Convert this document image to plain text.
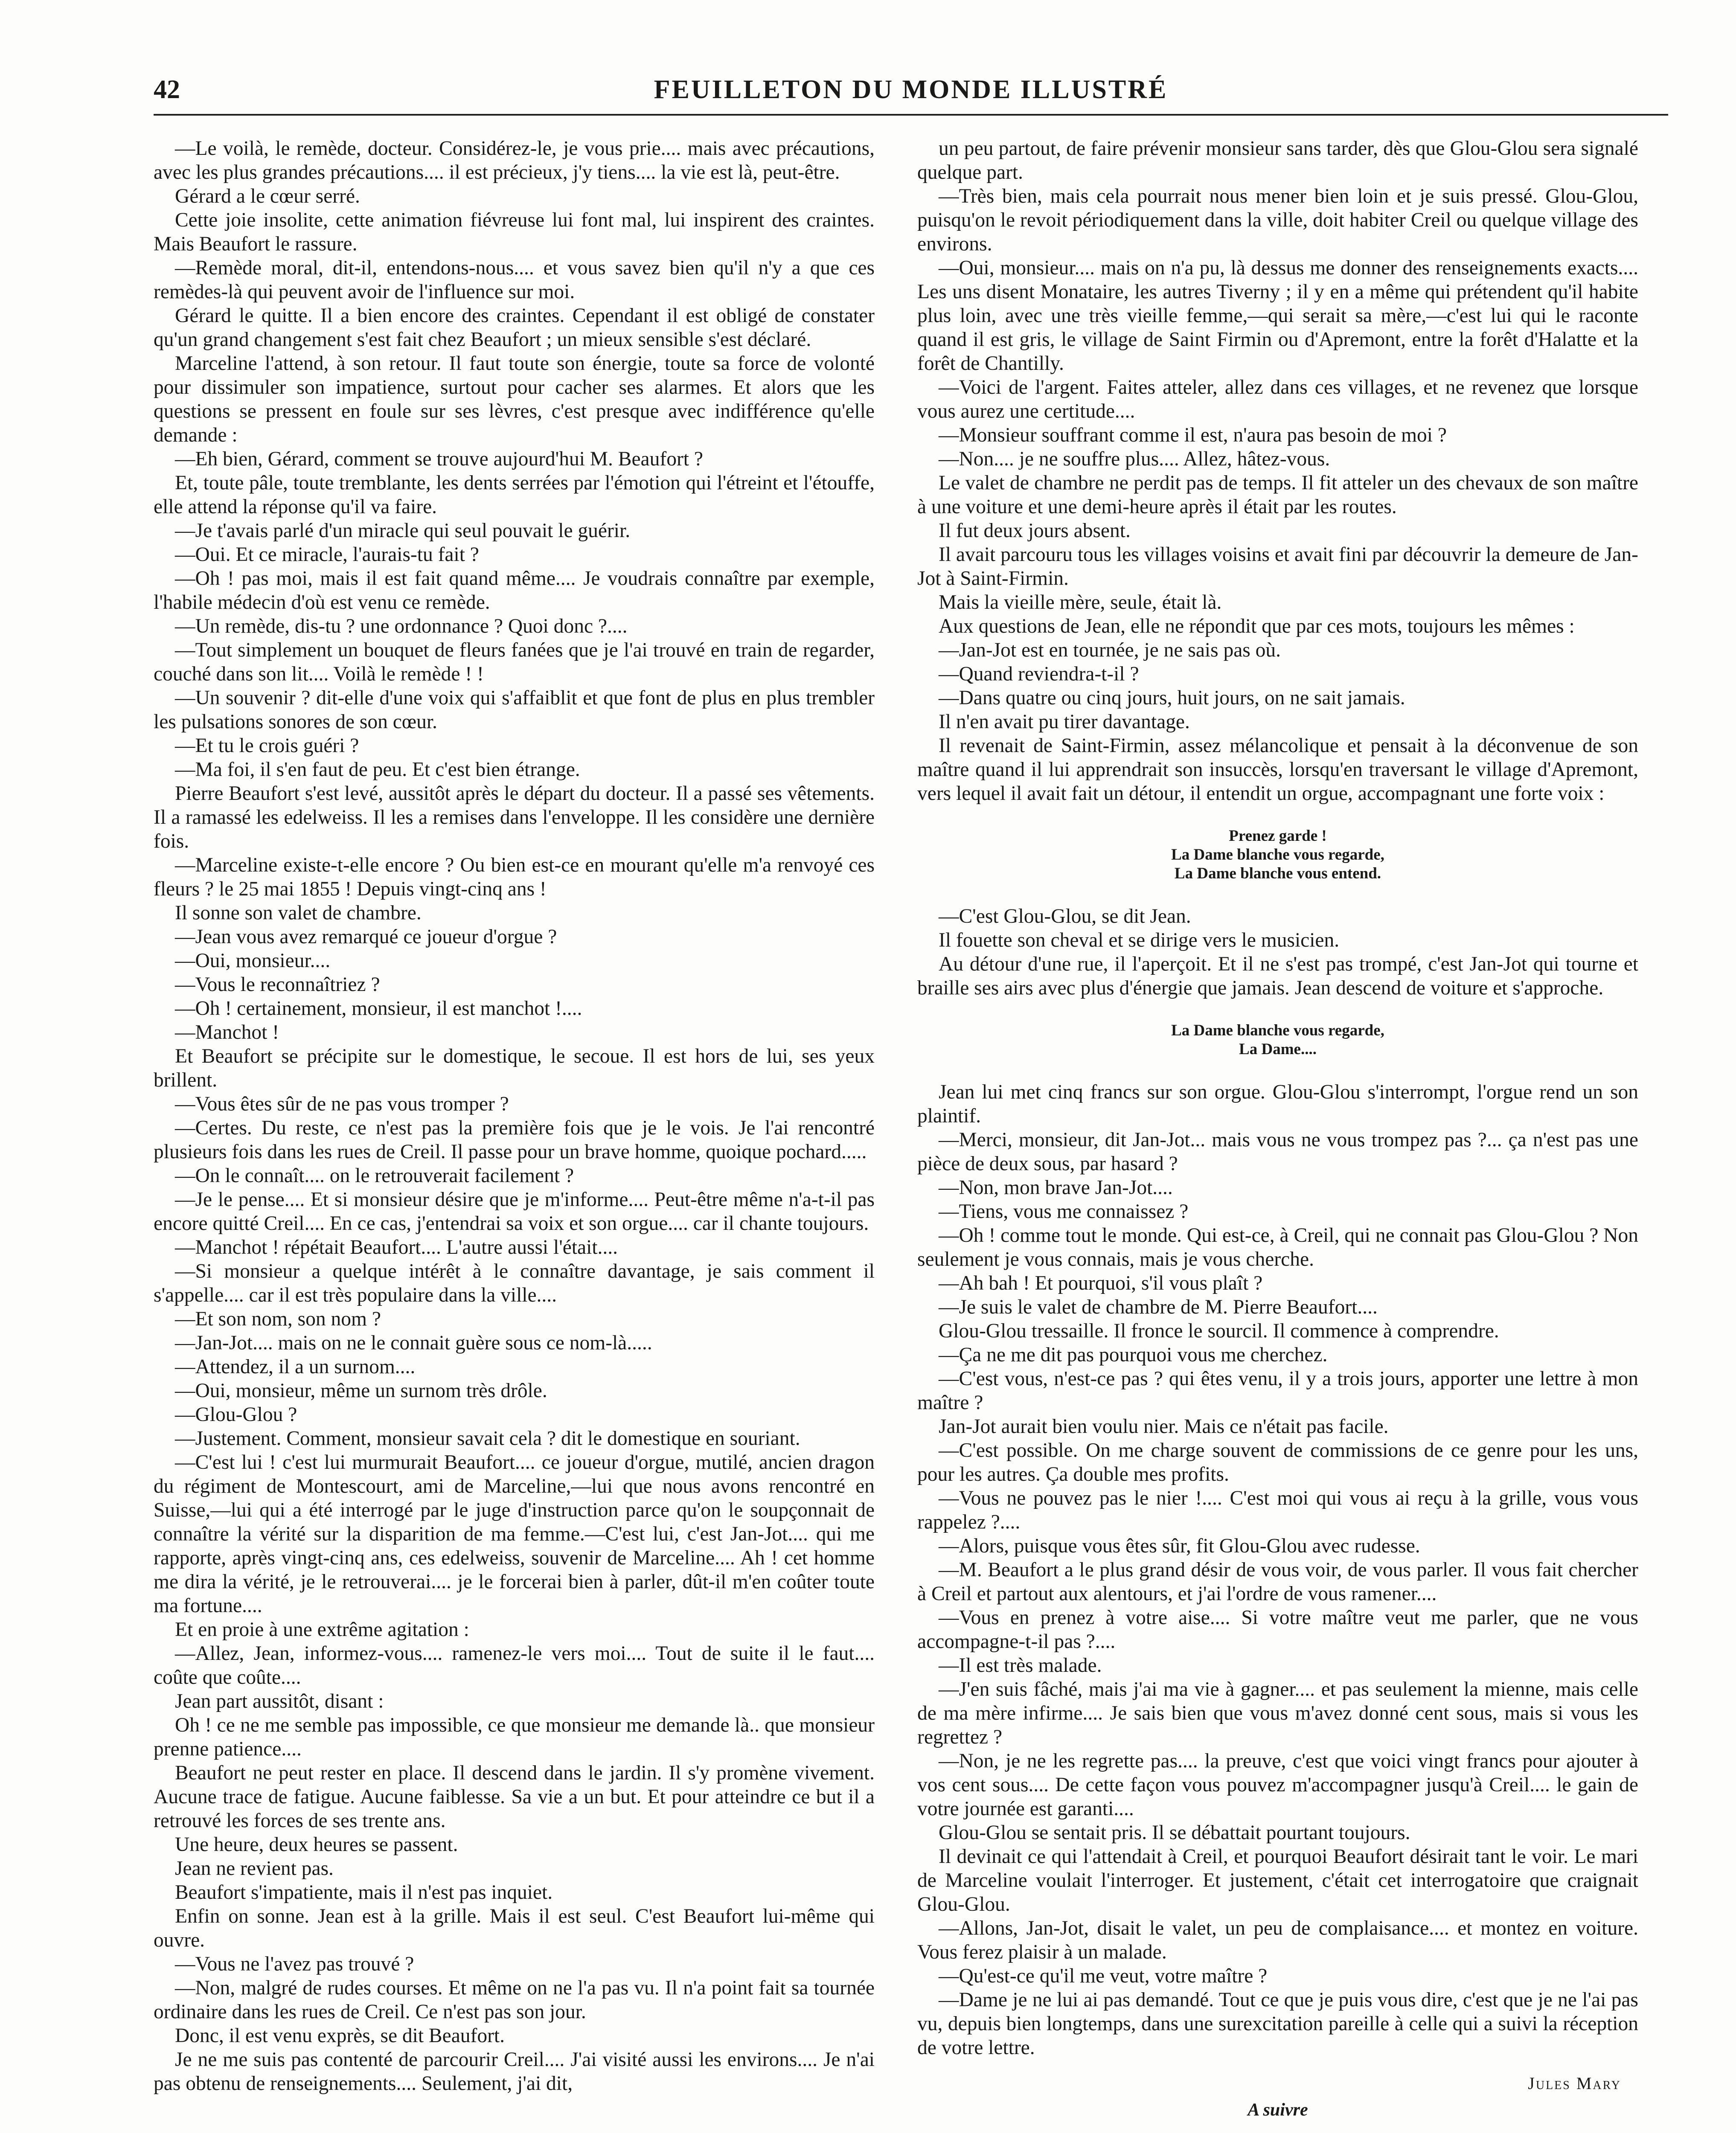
42	FEUILLETON DU MONDE ILLUSTRÉ

—Le voilà, le remède, docteur. Considérez-le, je vous prie.... mais avec précautions, avec les plus grandes précautions.... il est précieux, j'y tiens.... la vie est là, peut-être.

Gérard a le cœur serré.

Cette joie insolite, cette animation fiévreuse lui font mal, lui inspirent des craintes. Mais Beaufort le rassure.

—Remède moral, dit-il, entendons-nous.... et vous savez bien qu'il n'y a que ces remèdes-là qui peuvent avoir de l'influence sur moi.

Gérard le quitte. Il a bien encore des craintes. Cependant il est obligé de constater qu'un grand changement s'est fait chez Beaufort ; un mieux sensible s'est déclaré.

Marceline l'attend, à son retour. Il faut toute son énergie, toute sa force de volonté pour dissimuler son impatience, surtout pour cacher ses alarmes. Et alors que les questions se pressent en foule sur ses lèvres, c'est presque avec indifférence qu'elle demande :

—Eh bien, Gérard, comment se trouve aujourd'hui M. Beaufort ?

Et, toute pâle, toute tremblante, les dents serrées par l'émotion qui l'étreint et l'étouffe, elle attend la réponse qu'il va faire.

—Je t'avais parlé d'un miracle qui seul pouvait le guérir.

—Oui. Et ce miracle, l'aurais-tu fait ?

—Oh ! pas moi, mais il est fait quand même.... Je voudrais connaître par exemple, l'habile médecin d'où est venu ce remède.

—Un remède, dis-tu ? une ordonnance ? Quoi donc ?....

—Tout simplement un bouquet de fleurs fanées que je l'ai trouvé en train de regarder, couché dans son lit.... Voilà le remède ! !

—Un souvenir ? dit-elle d'une voix qui s'affaiblit et que font de plus en plus trembler les pulsations sonores de son cœur.

—Et tu le crois guéri ?

—Ma foi, il s'en faut de peu. Et c'est bien étrange.

Pierre Beaufort s'est levé, aussitôt après le départ du docteur. Il a passé ses vêtements. Il a ramassé les edelweiss. Il les a remises dans l'enveloppe. Il les considère une dernière fois.

—Marceline existe-t-elle encore ? Ou bien est-ce en mourant qu'elle m'a renvoyé ces fleurs ? le 25 mai 1855 ! Depuis vingt-cinq ans !

Il sonne son valet de chambre.

—Jean vous avez remarqué ce joueur d'orgue ?

—Oui, monsieur....

—Vous le reconnaîtriez ?

—Oh ! certainement, monsieur, il est manchot !....

—Manchot !

Et Beaufort se précipite sur le domestique, le secoue. Il est hors de lui, ses yeux brillent.

—Vous êtes sûr de ne pas vous tromper ?

—Certes. Du reste, ce n'est pas la première fois que je le vois. Je l'ai rencontré plusieurs fois dans les rues de Creil. Il passe pour un brave homme, quoique pochard.....

—On le connaît.... on le retrouverait facilement ?

—Je le pense.... Et si monsieur désire que je m'informe.... Peut-être même n'a-t-il pas encore quitté Creil.... En ce cas, j'entendrai sa voix et son orgue.... car il chante toujours.

—Manchot ! répétait Beaufort.... L'autre aussi l'était....

—Si monsieur a quelque intérêt à le connaître davantage, je sais comment il s'appelle.... car il est très populaire dans la ville....

—Et son nom, son nom ?

—Jan-Jot.... mais on ne le connait guère sous ce nom-là.....

—Attendez, il a un surnom....

—Oui, monsieur, même un surnom très drôle.

—Glou-Glou ?

—Justement. Comment, monsieur savait cela ? dit le domestique en souriant.

—C'est lui ! c'est lui murmurait Beaufort.... ce joueur d'orgue, mutilé, ancien dragon du régiment de Montescourt, ami de Marceline,—lui que nous avons rencontré en Suisse,—lui qui a été interrogé par le juge d'instruction parce qu'on le soupçonnait de connaître la vérité sur la disparition de ma femme.—C'est lui, c'est Jan-Jot.... qui me rapporte, après vingt-cinq ans, ces edelweiss, souvenir de Marceline.... Ah ! cet homme me dira la vérité, je le retrouverai.... je le forcerai bien à parler, dût-il m'en coûter toute ma fortune....

Et en proie à une extrême agitation :

—Allez, Jean, informez-vous.... ramenez-le vers moi.... Tout de suite il le faut.... coûte que coûte....

Jean part aussitôt, disant :

Oh ! ce ne me semble pas impossible, ce que monsieur me demande là.. que monsieur prenne patience....

Beaufort ne peut rester en place. Il descend dans le jardin. Il s'y promène vivement. Aucune trace de fatigue. Aucune faiblesse. Sa vie a un but. Et pour atteindre ce but il a retrouvé les forces de ses trente ans.

Une heure, deux heures se passent.

Jean ne revient pas.

Beaufort s'impatiente, mais il n'est pas inquiet.

Enfin on sonne. Jean est à la grille. Mais il est seul. C'est Beaufort lui-même qui ouvre.

—Vous ne l'avez pas trouvé ?

—Non, malgré de rudes courses. Et même on ne l'a pas vu. Il n'a point fait sa tournée ordinaire dans les rues de Creil. Ce n'est pas son jour.

Donc, il est venu exprès, se dit Beaufort.

Je ne me suis pas contenté de parcourir Creil.... J'ai visité aussi les environs.... Je n'ai pas obtenu de renseignements.... Seulement, j'ai dit,

un peu partout, de faire prévenir monsieur sans tarder, dès que Glou-Glou sera signalé quelque part.

—Très bien, mais cela pourrait nous mener bien loin et je suis pressé. Glou-Glou, puisqu'on le revoit périodiquement dans la ville, doit habiter Creil ou quelque village des environs.

—Oui, monsieur.... mais on n'a pu, là dessus me donner des renseignements exacts.... Les uns disent Monataire, les autres Tiverny ; il y en a même qui prétendent qu'il habite plus loin, avec une très vieille femme,—qui serait sa mère,—c'est lui qui le raconte quand il est gris, le village de Saint Firmin ou d'Apremont, entre la forêt d'Halatte et la forêt de Chantilly.

—Voici de l'argent. Faites atteler, allez dans ces villages, et ne revenez que lorsque vous aurez une certitude....

—Monsieur souffrant comme il est, n'aura pas besoin de moi ?

—Non.... je ne souffre plus.... Allez, hâtez-vous.

Le valet de chambre ne perdit pas de temps. Il fit atteler un des chevaux de son maître à une voiture et une demi-heure après il était par les routes.

Il fut deux jours absent.

Il avait parcouru tous les villages voisins et avait fini par découvrir la demeure de Jan-Jot à Saint-Firmin.

Mais la vieille mère, seule, était là.

Aux questions de Jean, elle ne répondit que par ces mots, toujours les mêmes :

—Jan-Jot est en tournée, je ne sais pas où.

—Quand reviendra-t-il ?

—Dans quatre ou cinq jours, huit jours, on ne sait jamais.

Il n'en avait pu tirer davantage.

Il revenait de Saint-Firmin, assez mélancolique et pensait à la déconvenue de son maître quand il lui apprendrait son insuccès, lorsqu'en traversant le village d'Apremont, vers lequel il avait fait un détour, il entendit un orgue, accompagnant une forte voix :

Prenez garde !
La Dame blanche vous regarde,
La Dame blanche vous entend.

—C'est Glou-Glou, se dit Jean.

Il fouette son cheval et se dirige vers le musicien.

Au détour d'une rue, il l'aperçoit. Et il ne s'est pas trompé, c'est Jan-Jot qui tourne et braille ses airs avec plus d'énergie que jamais. Jean descend de voiture et s'approche.

La Dame blanche vous regarde,
La Dame....

Jean lui met cinq francs sur son orgue. Glou-Glou s'interrompt, l'orgue rend un son plaintif.

—Merci, monsieur, dit Jan-Jot... mais vous ne vous trompez pas ?... ça n'est pas une pièce de deux sous, par hasard ?

—Non, mon brave Jan-Jot....

—Tiens, vous me connaissez ?

—Oh ! comme tout le monde. Qui est-ce, à Creil, qui ne connait pas Glou-Glou ? Non seulement je vous connais, mais je vous cherche.

—Ah bah ! Et pourquoi, s'il vous plaît ?

—Je suis le valet de chambre de M. Pierre Beaufort....

Glou-Glou tressaille. Il fronce le sourcil. Il commence à comprendre.

—Ça ne me dit pas pourquoi vous me cherchez.

—C'est vous, n'est-ce pas ? qui êtes venu, il y a trois jours, apporter une lettre à mon maître ?

Jan-Jot aurait bien voulu nier. Mais ce n'était pas facile.

—C'est possible. On me charge souvent de commissions de ce genre pour les uns, pour les autres. Ça double mes profits.

—Vous ne pouvez pas le nier !.... C'est moi qui vous ai reçu à la grille, vous vous rappelez ?....

—Alors, puisque vous êtes sûr, fit Glou-Glou avec rudesse.

—M. Beaufort a le plus grand désir de vous voir, de vous parler. Il vous fait chercher à Creil et partout aux alentours, et j'ai l'ordre de vous ramener....

—Vous en prenez à votre aise.... Si votre maître veut me parler, que ne vous accompagne-t-il pas ?....

—Il est très malade.

—J'en suis fâché, mais j'ai ma vie à gagner.... et pas seulement la mienne, mais celle de ma mère infirme.... Je sais bien que vous m'avez donné cent sous, mais si vous les regrettez ?

—Non, je ne les regrette pas.... la preuve, c'est que voici vingt francs pour ajouter à vos cent sous.... De cette façon vous pouvez m'accompagner jusqu'à Creil.... le gain de votre journée est garanti....

Glou-Glou se sentait pris. Il se débattait pourtant toujours.

Il devinait ce qui l'attendait à Creil, et pourquoi Beaufort désirait tant le voir. Le mari de Marceline voulait l'interroger. Et justement, c'était cet interrogatoire que craignait Glou-Glou.

—Allons, Jan-Jot, disait le valet, un peu de complaisance.... et montez en voiture. Vous ferez plaisir à un malade.

—Qu'est-ce qu'il me veut, votre maître ?

—Dame je ne lui ai pas demandé. Tout ce que je puis vous dire, c'est que je ne l'ai pas vu, depuis bien longtemps, dans une surexcitation pareille à celle qui a suivi la réception de votre lettre.

Jules Mary
A suivre
